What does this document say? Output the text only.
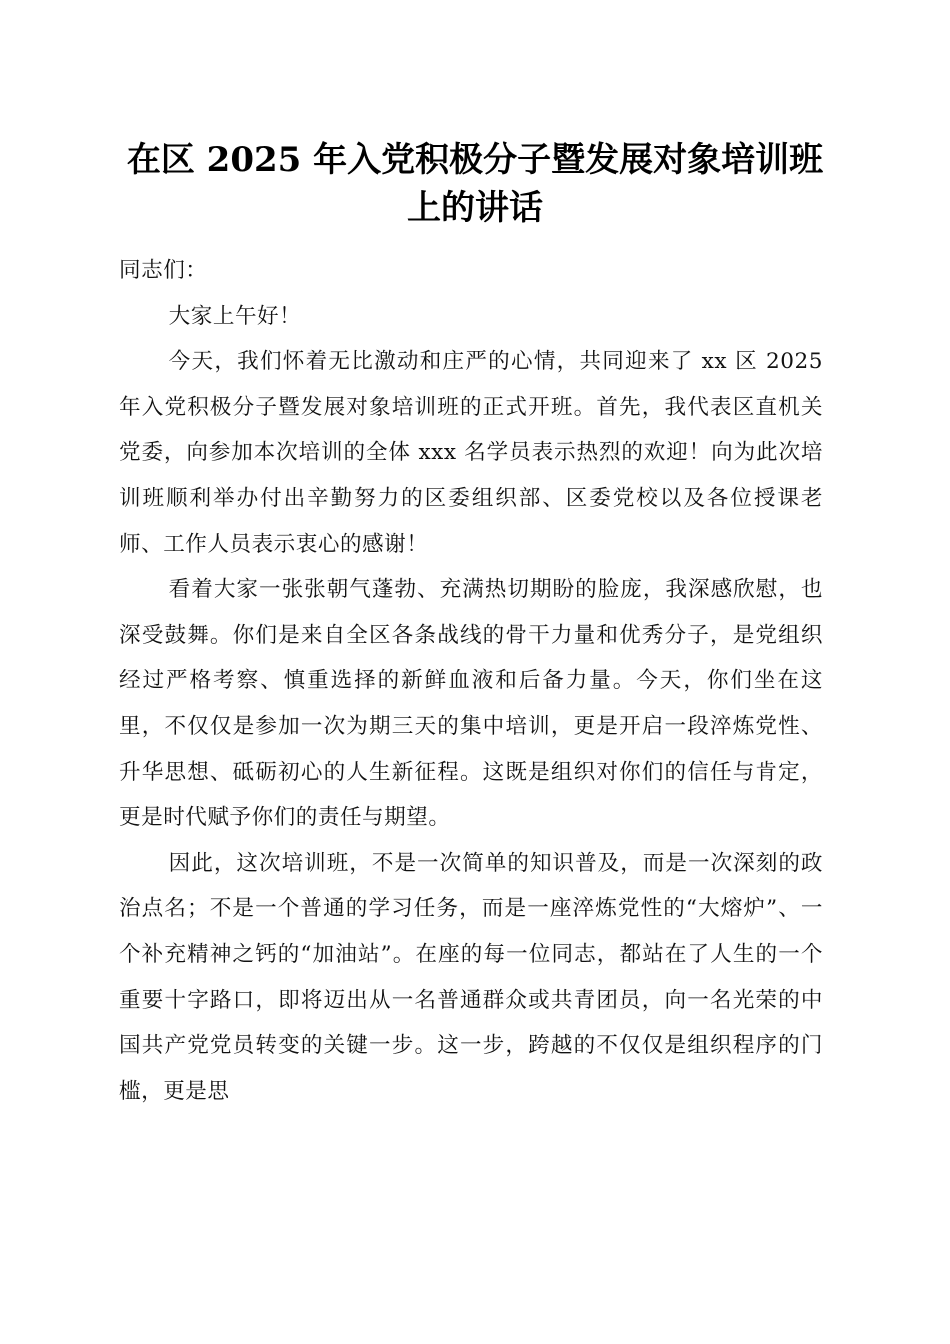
在区 2025 年入党积极分子暨发展对象培训班
上的讲话

同志们：

大家上午好！

今天，我们怀着无比激动和庄严的心情，共同迎来了 xx 区 2025 年入党积极分子暨发展对象培训班的正式开班。首先，我代表区直机关党委，向参加本次培训的全体 xxx 名学员表示热烈的欢迎！向为此次培训班顺利举办付出辛勤努力的区委组织部、区委党校以及各位授课老师、工作人员表示衷心的感谢！

看着大家一张张朝气蓬勃、充满热切期盼的脸庞，我深感欣慰，也深受鼓舞。你们是来自全区各条战线的骨干力量和优秀分子，是党组织经过严格考察、慎重选择的新鲜血液和后备力量。今天，你们坐在这里，不仅仅是参加一次为期三天的集中培训，更是开启一段淬炼党性、升华思想、砥砺初心的人生新征程。这既是组织对你们的信任与肯定，更是时代赋予你们的责任与期望。

因此，这次培训班，不是一次简单的知识普及，而是一次深刻的政治点名；不是一个普通的学习任务，而是一座淬炼党性的“大熔炉”、一个补充精神之钙的“加油站”。在座的每一位同志，都站在了人生的一个重要十字路口，即将迈出从一名普通群众或共青团员，向一名光荣的中国共产党党员转变的关键一步。这一步，跨越的不仅仅是组织程序的门槛，更是思
